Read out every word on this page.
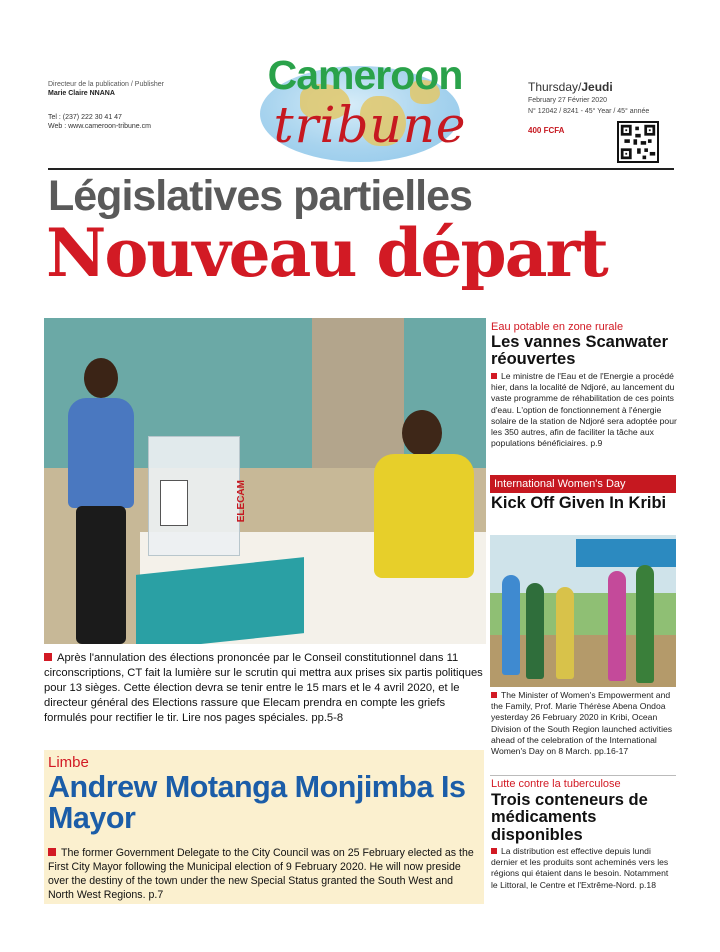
Directeur de la publication / Publisher
Marie Claire NNANA
Tel : (237) 222 30 41 47
Web : www.cameroon-tribune.cm
Cameroon
tribune
Thursday/Jeudi
February 27 Février 2020
N° 12042 / 8241 - 45° Year / 45° année
400 FCFA
Législatives partielles
Nouveau départ
ELECAM
Après l'annulation des élections prononcée par le Conseil constitutionnel dans 11 circonscriptions, CT fait la lumière sur le scrutin qui mettra aux prises six partis politiques pour 13 sièges. Cette élection devra se tenir entre le 15 mars et le 4 avril 2020, et le directeur général des Elections rassure que Elecam prendra en compte les griefs formulés pour rectifier le tir. Lire nos pages spéciales. pp.5-8
Limbe
Andrew Motanga Monjimba Is Mayor
The former Government Delegate to the City Council was on 25 February elected as the First City Mayor following the Municipal election of 9 February 2020. He will now preside over the destiny of the town under the new Special Status granted the South West and North West Regions. p.7
Eau potable en zone rurale
Les vannes Scanwater réouvertes
Le ministre de l'Eau et de l'Energie a procédé hier, dans la localité de Ndjoré, au lancement du vaste programme de réhabilitation de ces points d'eau. L'option de fonctionnement à l'énergie solaire de la station de Ndjoré sera adoptée pour les 350 autres, afin de faciliter la tâche aux populations bénéficiaires. p.9
International Women's Day
Kick Off Given In Kribi
The Minister of Women's Empowerment and the Family, Prof. Marie Thérèse Abena Ondoa yesterday 26 February 2020 in Kribi, Ocean Division of the South Region launched activities ahead of the celebration of the International Women's Day on 8 March. pp.16-17
Lutte contre la tuberculose
Trois conteneurs de médicaments disponibles
La distribution est effective depuis lundi dernier et les produits sont acheminés vers les régions qui étaient dans le besoin. Notamment le Littoral, le Centre et l'Extrême-Nord. p.18
